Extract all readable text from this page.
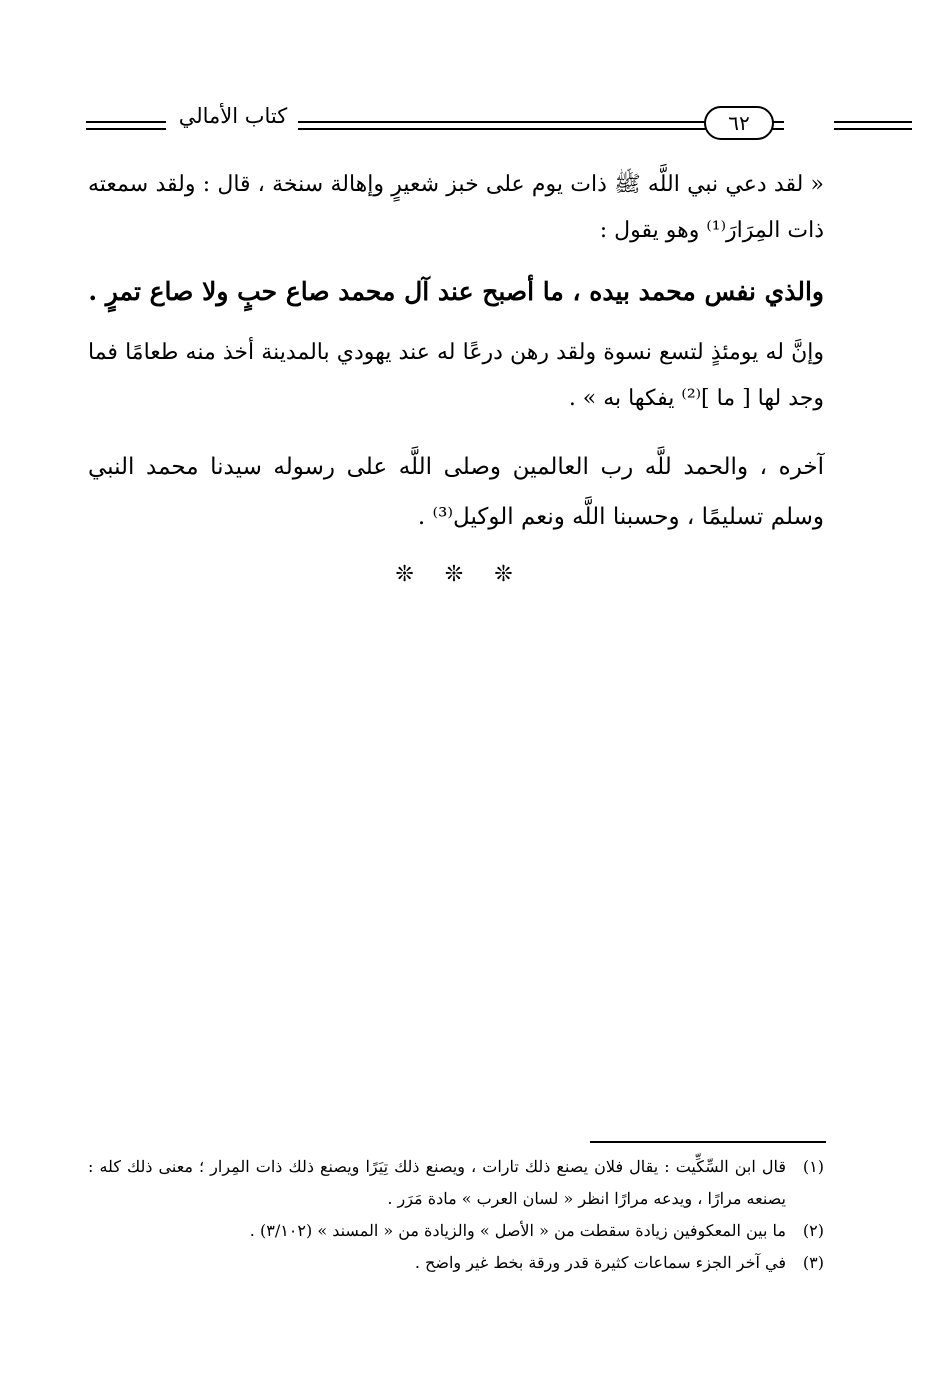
كتاب الأمالي	٦٢

« لقد دعي نبي اللَّه ﷺ ذات يوم على خبز شعيرٍ وإهالة سنخة ، قال : ولقد سمعته ذات المِرَارَ⁽¹⁾ وهو يقول :

والذي نفس محمد بيده ، ما أصبح عند آل محمد صاع حبٍ ولا صاع تمرٍ .

وإنَّ له يومئذٍ لتسع نسوة ولقد رهن درعًا له عند يهودي بالمدينة أخذ منه طعامًا فما وجد لها [ ما ]⁽²⁾ يفكها به » .

آخره ، والحمد للَّه رب العالمين وصلى اللَّه على رسوله سيدنا محمد النبي وسلم تسليمًا ، وحسبنا اللَّه ونعم الوكيل⁽³⁾ .

❊ ❊ ❊
(١)
قال ابن السِّكِّيت : يقال فلان يصنع ذلك تارات ، ويصنع ذلك تِيَرًا ويصنع ذلك ذات المِرار ؛ معنى ذلك كله : يصنعه مرارًا ، ويدعه مرارًا انظر « لسان العرب » مادة مَرَر .
(٢)
ما بين المعكوفين زيادة سقطت من « الأصل » والزيادة من « المسند » (٣/١٠٢) .
(٣)
في آخر الجزء سماعات كثيرة قدر ورقة بخط غير واضح .
